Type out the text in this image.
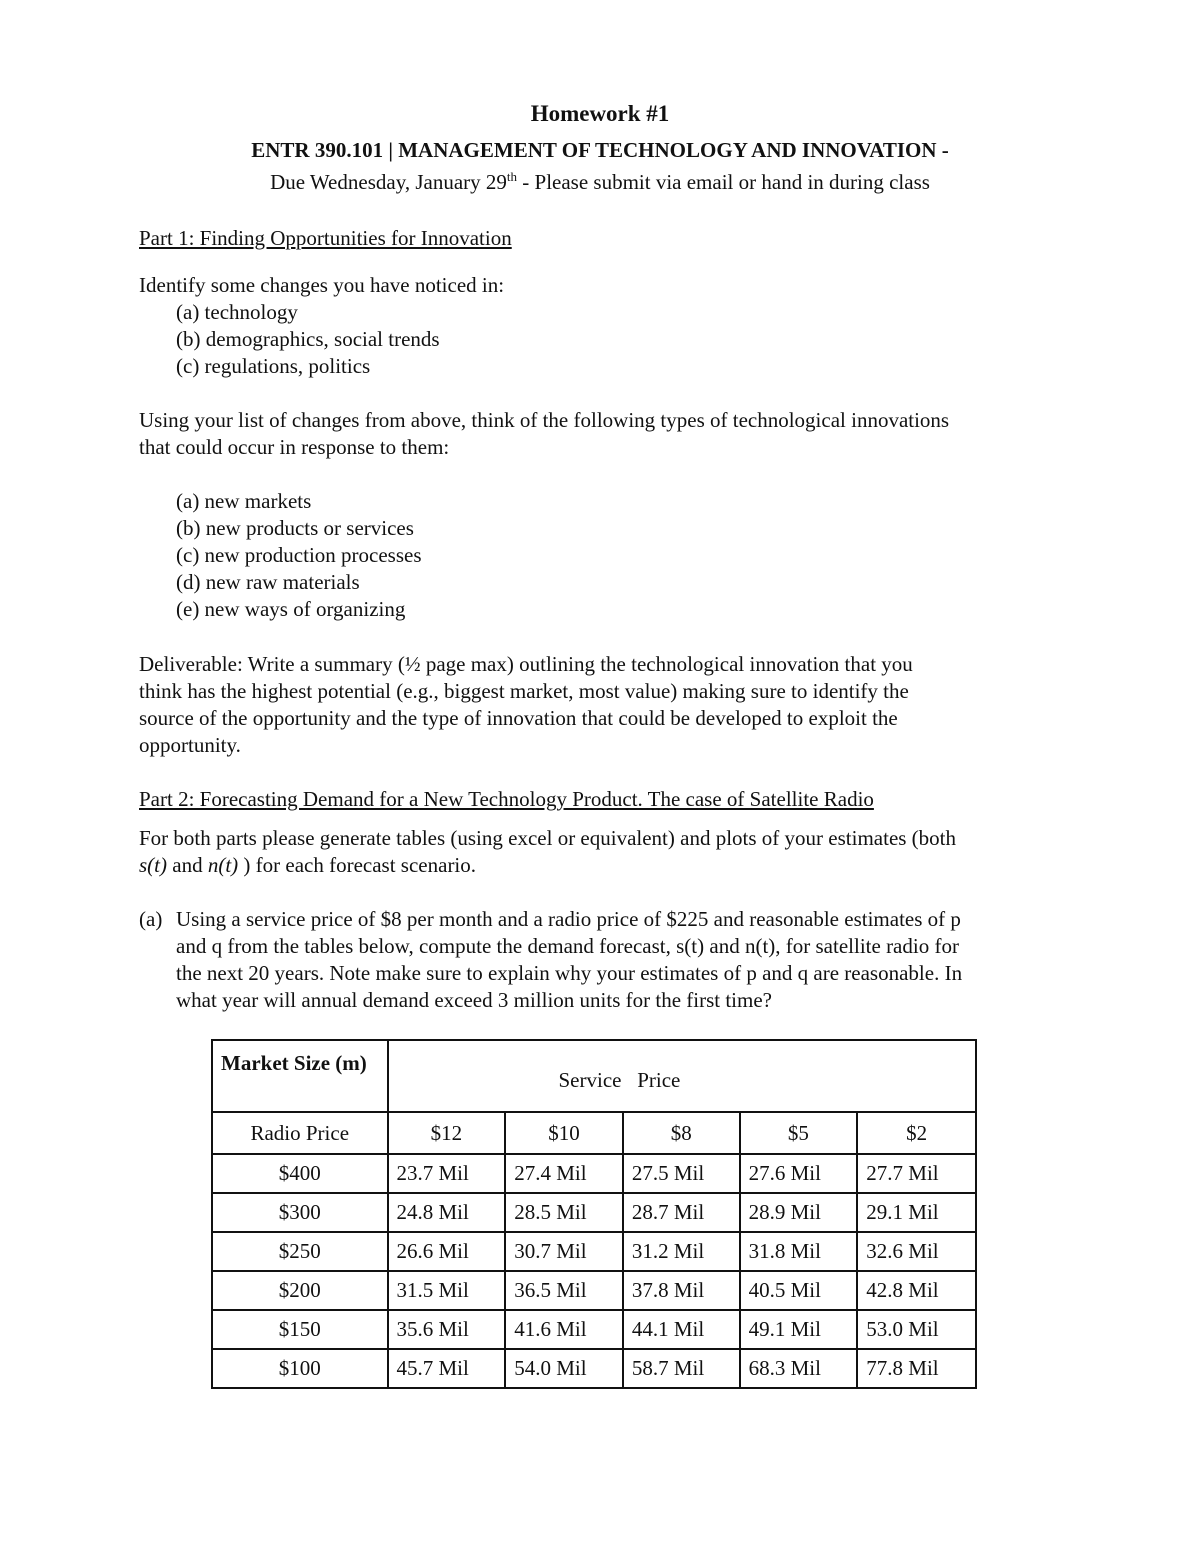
Homework #1
ENTR 390.101 | MANAGEMENT OF TECHNOLOGY AND INNOVATION -
Due Wednesday, January 29th - Please submit via email or hand in during class
Part 1: Finding Opportunities for Innovation
Identify some changes you have noticed in:
(a) technology
(b) demographics, social trends
(c) regulations, politics
Using your list of changes from above, think of the following types of technological innovations
that could occur in response to them:
(a) new markets
(b) new products or services
(c) new production processes
(d) new raw materials
(e) new ways of organizing
Deliverable: Write a summary (½ page max) outlining the technological innovation that you
think has the highest potential (e.g., biggest market, most value) making sure to identify the
source of the opportunity and the type of innovation that could be developed to exploit the
opportunity.
Part 2: Forecasting Demand for a New Technology Product. The case of Satellite Radio
For both parts please generate tables (using excel or equivalent) and plots of your estimates (both
s(t) and n(t) ) for each forecast scenario.
(a) Using a service price of $8 per month and a radio price of $225 and reasonable estimates of p
and q from the tables below, compute the demand forecast, s(t) and n(t), for satellite radio for
the next 20 years. Note make sure to explain why your estimates of p and q are reasonable. In
what year will annual demand exceed 3 million units for the first time?
Market Size (m)	Service   Price				
Radio Price	$12	$10	$8	$5	$2
$400	23.7 Mil	27.4 Mil	27.5 Mil	27.6 Mil	27.7 Mil
$300	24.8 Mil	28.5 Mil	28.7 Mil	28.9 Mil	29.1 Mil
$250	26.6 Mil	30.7 Mil	31.2 Mil	31.8 Mil	32.6 Mil
$200	31.5 Mil	36.5 Mil	37.8 Mil	40.5 Mil	42.8 Mil
$150	35.6 Mil	41.6 Mil	44.1 Mil	49.1 Mil	53.0 Mil
$100	45.7 Mil	54.0 Mil	58.7 Mil	68.3 Mil	77.8 Mil
